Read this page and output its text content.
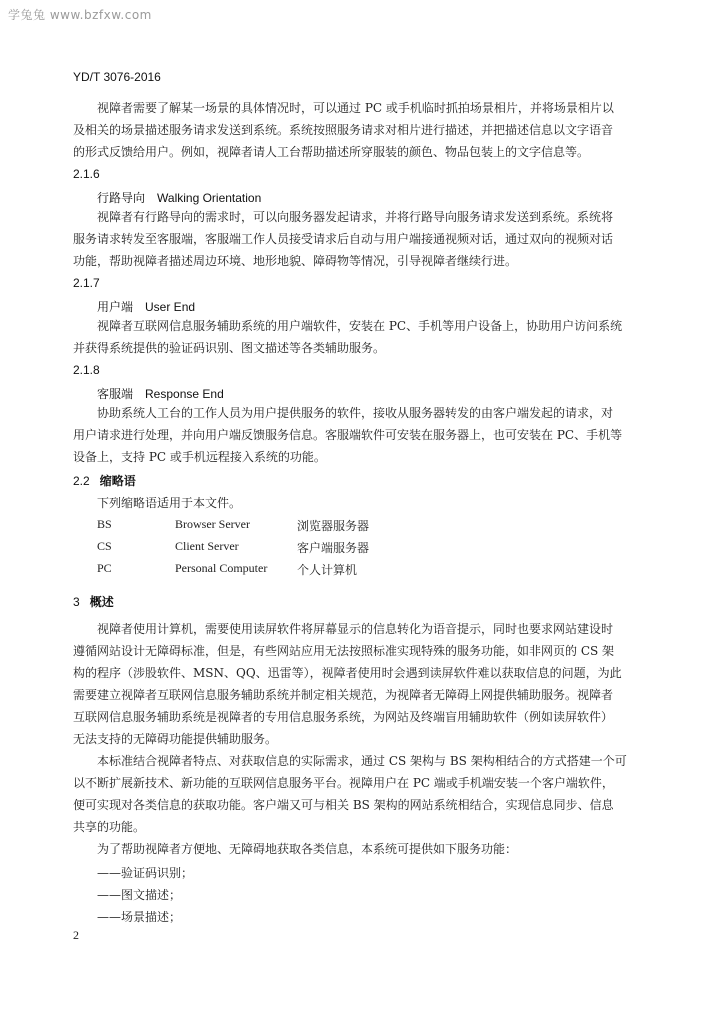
学兔兔 www.bzfxw.com
YD/T 3076-2016

视障者需要了解某一场景的具体情况时，可以通过 PC 或手机临时抓拍场景相片，并将场景相片以
及相关的场景描述服务请求发送到系统。系统按照服务请求对相片进行描述，并把描述信息以文字语音
的形式反馈给用户。例如，视障者请人工台帮助描述所穿服装的颜色、物品包装上的文字信息等。

2.1.6
行路导向 Walking Orientation

视障者有行路导向的需求时，可以向服务器发起请求，并将行路导向服务请求发送到系统。系统将
服务请求转发至客服端，客服端工作人员接受请求后自动与用户端接通视频对话，通过双向的视频对话
功能，帮助视障者描述周边环境、地形地貌、障碍物等情况，引导视障者继续行进。

2.1.7
用户端 User End

视障者互联网信息服务辅助系统的用户端软件，安装在 PC、手机等用户设备上，协助用户访问系统
并获得系统提供的验证码识别、图文描述等各类辅助服务。

2.1.8
客服端 Response End

协助系统人工台的工作人员为用户提供服务的软件，接收从服务器转发的由客户端发起的请求，对
用户请求进行处理，并向用户端反馈服务信息。客服端软件可安装在服务器上，也可安装在 PC、手机等
设备上，支持 PC 或手机远程接入系统的功能。

2.2 缩略语
下列缩略语适用于本文件。
BS	Browser Server	浏览器服务器
CS	Client Server	客户端服务器
PC	Personal Computer 个人计算机
3 概述

视障者使用计算机，需要使用读屏软件将屏幕显示的信息转化为语音提示，同时也要求网站建设时
遵循网站设计无障碍标准，但是，有些网站应用无法按照标准实现特殊的服务功能，如非网页的 CS 架
构的程序（涉股软件、MSN、QQ、迅雷等），视障者使用时会遇到读屏软件难以获取信息的问题，为此
需要建立视障者互联网信息服务辅助系统并制定相关规范，为视障者无障碍上网提供辅助服务。视障者
互联网信息服务辅助系统是视障者的专用信息服务系统，为网站及终端盲用辅助软件（例如读屏软件）
无法支持的无障碍功能提供辅助服务。

本标准结合视障者特点、对获取信息的实际需求，通过 CS 架构与 BS 架构相结合的方式搭建一个可
以不断扩展新技术、新功能的互联网信息服务平台。视障用户在 PC 端或手机端安装一个客户端软件，
便可实现对各类信息的获取功能。客户端又可与相关 BS 架构的网站系统相结合，实现信息同步、信息
共享的功能。

为了帮助视障者方便地、无障碍地获取各类信息，本系统可提供如下服务功能：

——验证码识别；
——图文描述；
——场景描述；
2
